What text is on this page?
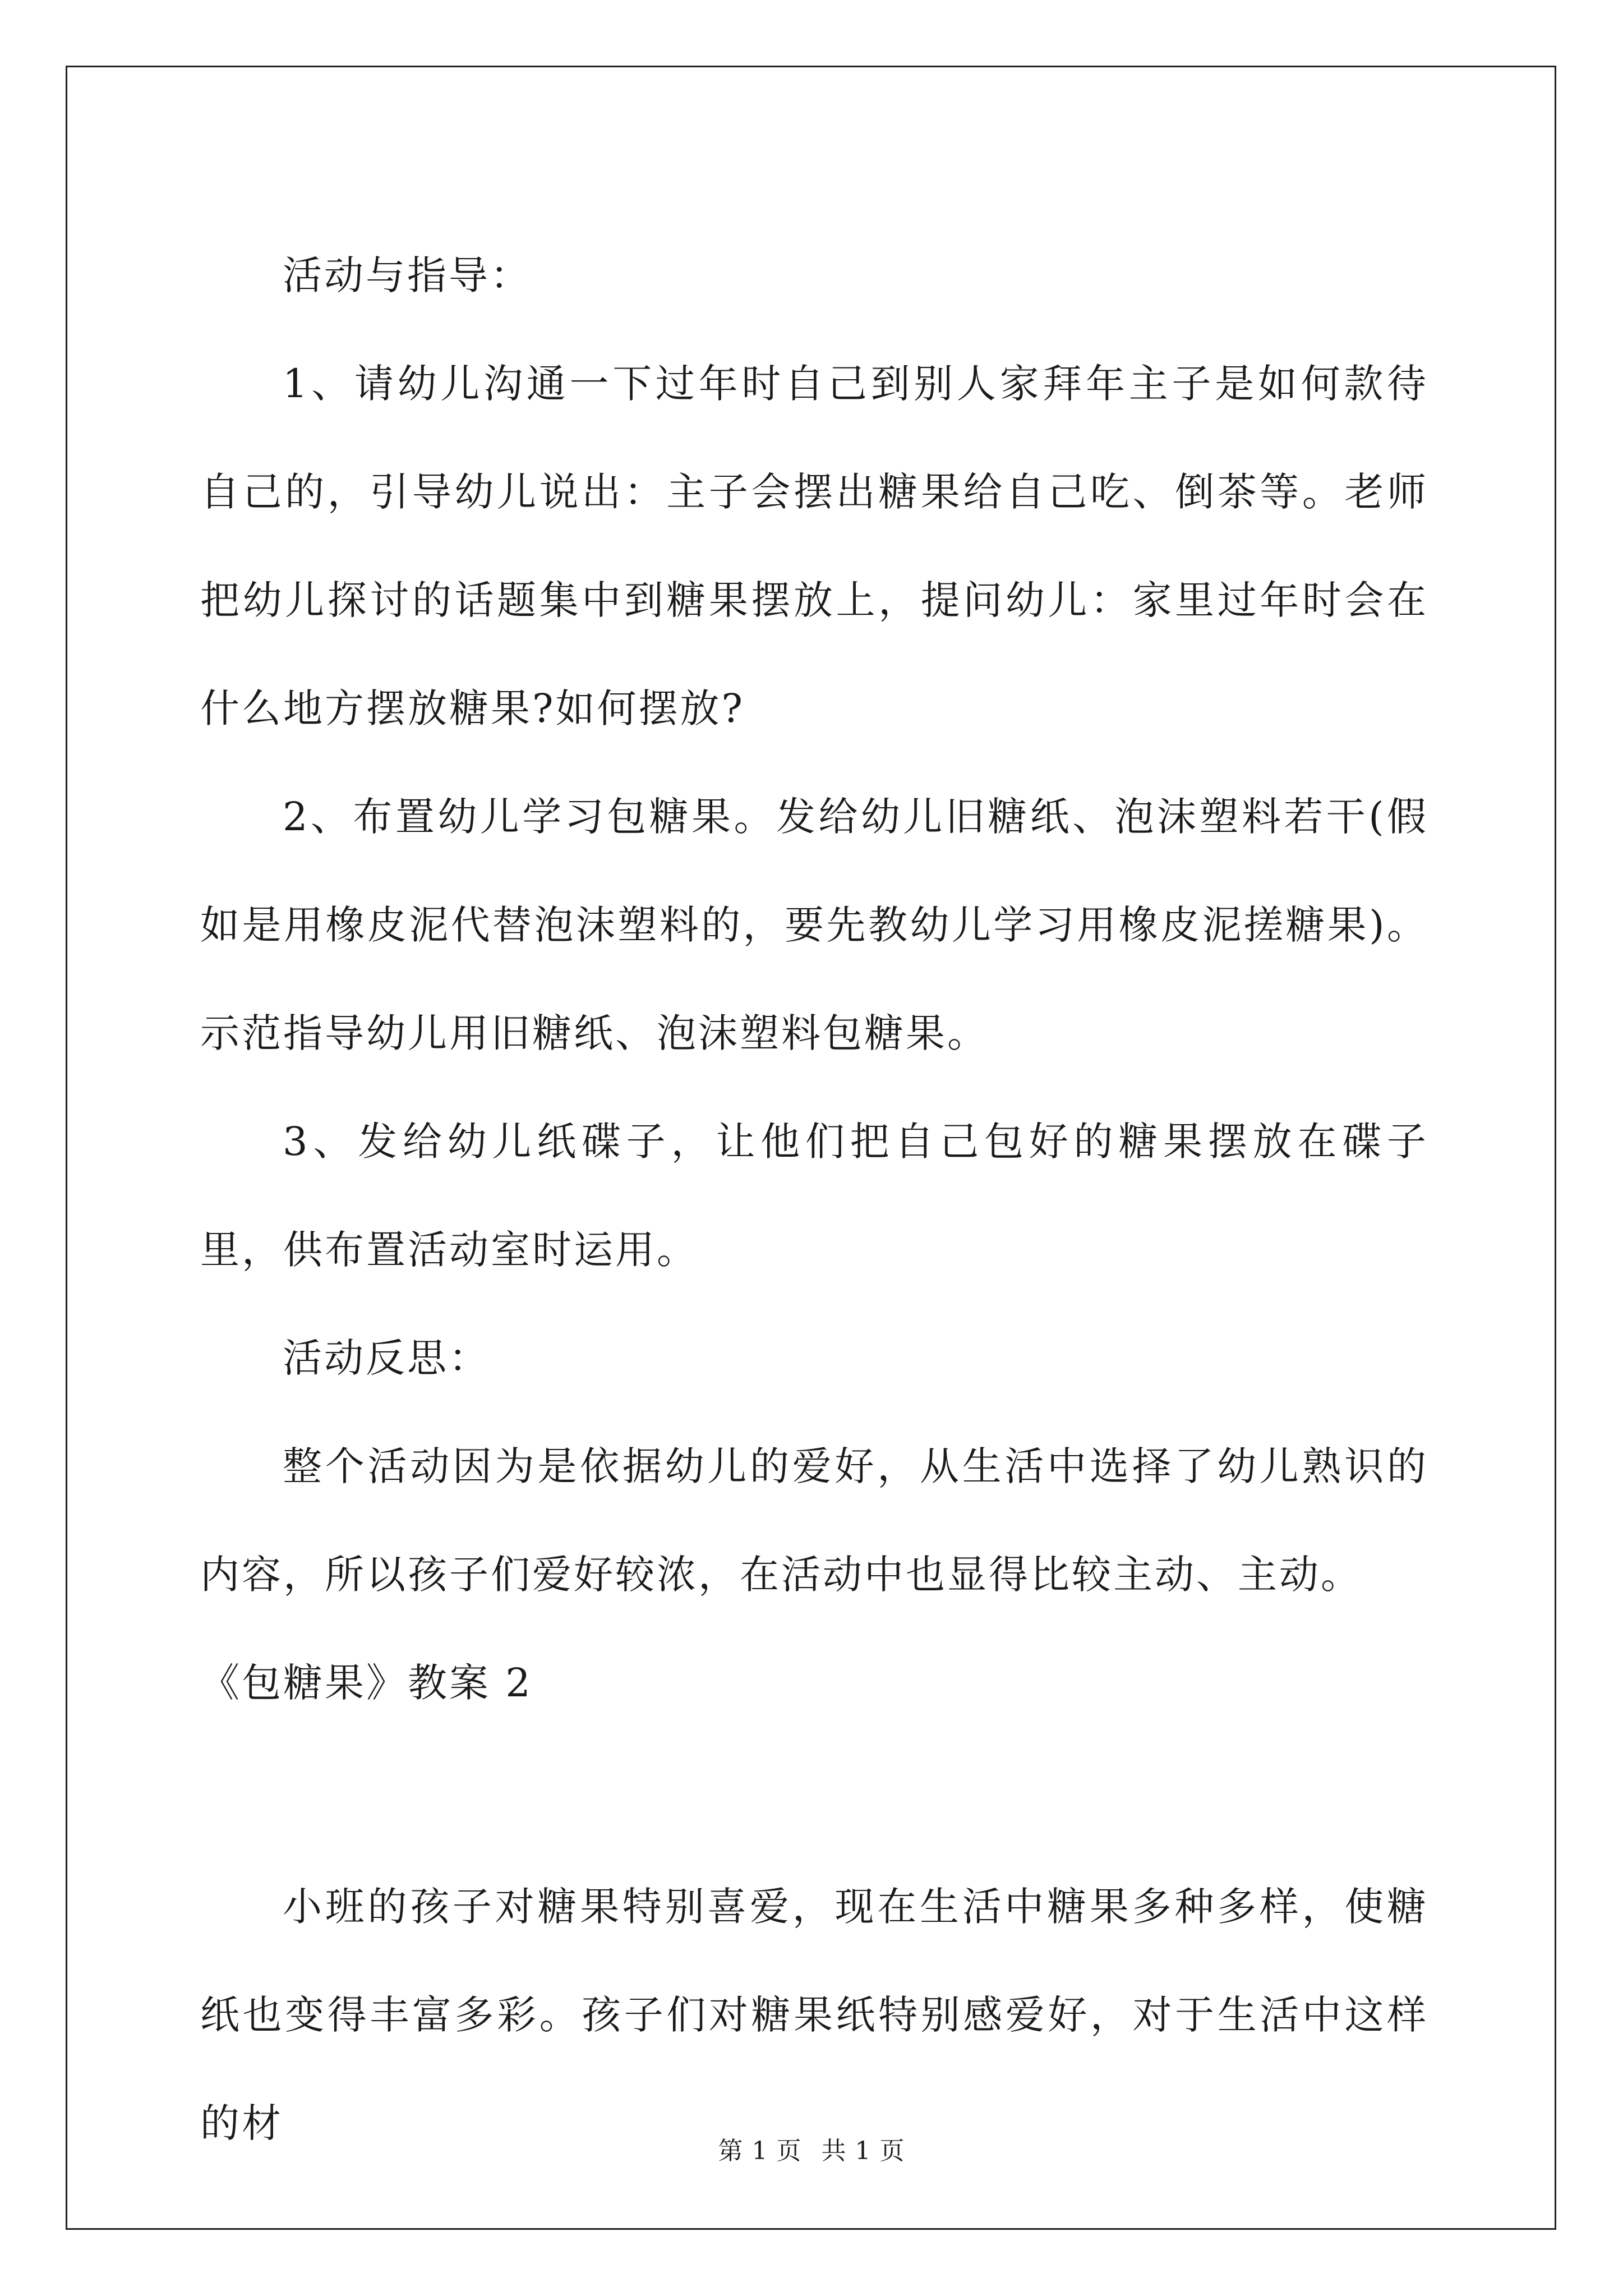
活动与指导：

1、请幼儿沟通一下过年时自己到别人家拜年主子是如何款待自己的，引导幼儿说出：主子会摆出糖果给自己吃、倒茶等。老师把幼儿探讨的话题集中到糖果摆放上，提问幼儿：家里过年时会在什么地方摆放糖果?如何摆放?

2、布置幼儿学习包糖果。发给幼儿旧糖纸、泡沫塑料若干(假如是用橡皮泥代替泡沫塑料的，要先教幼儿学习用橡皮泥搓糖果)。示范指导幼儿用旧糖纸、泡沫塑料包糖果。

3、发给幼儿纸碟子，让他们把自己包好的糖果摆放在碟子里，供布置活动室时运用。

活动反思：

整个活动因为是依据幼儿的爱好，从生活中选择了幼儿熟识的内容，所以孩子们爱好较浓，在活动中也显得比较主动、主动。

《包糖果》教案 2

小班的孩子对糖果特别喜爱，现在生活中糖果多种多样，使糖纸也变得丰富多彩。孩子们对糖果纸特别感爱好，对于生活中这样的材

第 1 页 共 1 页
